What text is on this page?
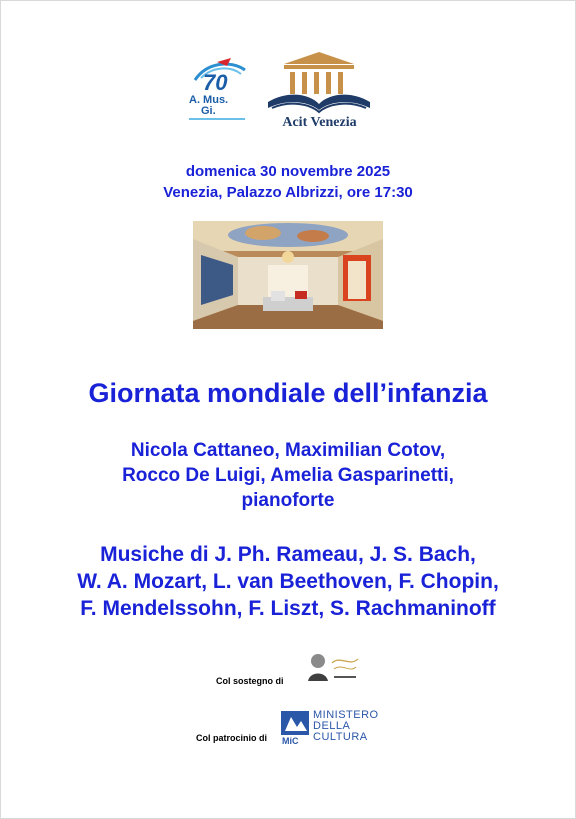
70
A. Mus.
Gi.
Acit Venezia
domenica 30 novembre 2025
Venezia, Palazzo Albrizzi, ore 17:30
Giornata mondiale dell’infanzia
Nicola Cattaneo, Maximilian Cotov,
Rocco De Luigi, Amelia Gasparinetti,
pianoforte
Musiche di J. Ph. Rameau, J. S. Bach,
W. A. Mozart, L. van Beethoven, F. Chopin,
F. Mendelssohn, F. Liszt, S. Rachmaninoff
Col sostegno di
Col patrocinio di MiC
MINISTERO
DELLA
CULTURA
